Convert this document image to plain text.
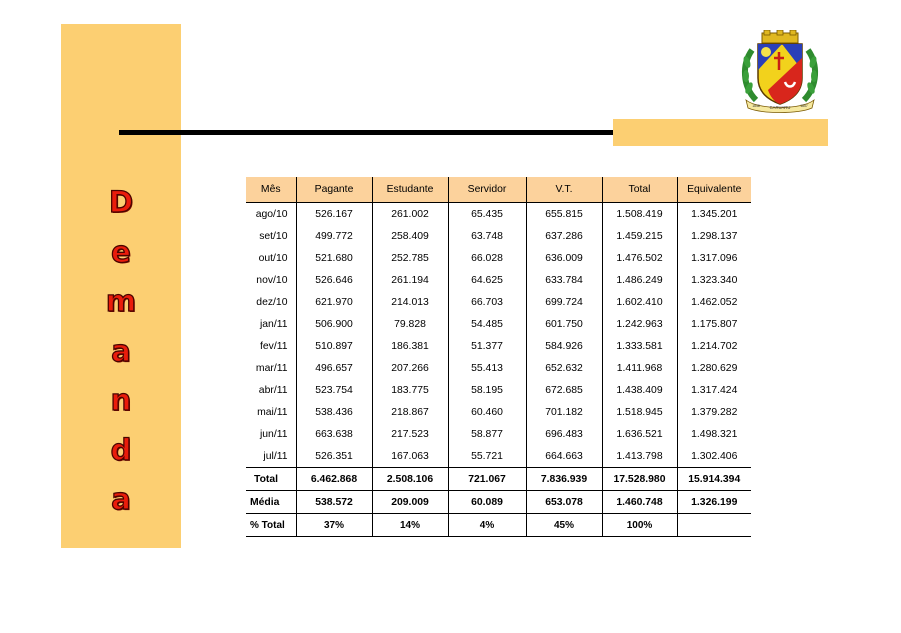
D
e
m
a
n
d
a
CARUARU
1848	1857
Mês	Pagante	Estudante	Servidor	V.T.	Total	Equivalente
ago/10	526.167	261.002	65.435	655.815	1.508.419	1.345.201
set/10	499.772	258.409	63.748	637.286	1.459.215	1.298.137
out/10	521.680	252.785	66.028	636.009	1.476.502	1.317.096
nov/10	526.646	261.194	64.625	633.784	1.486.249	1.323.340
dez/10	621.970	214.013	66.703	699.724	1.602.410	1.462.052
jan/11	506.900	79.828	54.485	601.750	1.242.963	1.175.807
fev/11	510.897	186.381	51.377	584.926	1.333.581	1.214.702
mar/11	496.657	207.266	55.413	652.632	1.411.968	1.280.629
abr/11	523.754	183.775	58.195	672.685	1.438.409	1.317.424
mai/11	538.436	218.867	60.460	701.182	1.518.945	1.379.282
jun/11	663.638	217.523	58.877	696.483	1.636.521	1.498.321
jul/11	526.351	167.063	55.721	664.663	1.413.798	1.302.406
Total	6.462.868	2.508.106	721.067	7.836.939	17.528.980	15.914.394
Média	538.572	209.009	60.089	653.078	1.460.748	1.326.199
% Total	37%	14%	4%	45%	100%	
